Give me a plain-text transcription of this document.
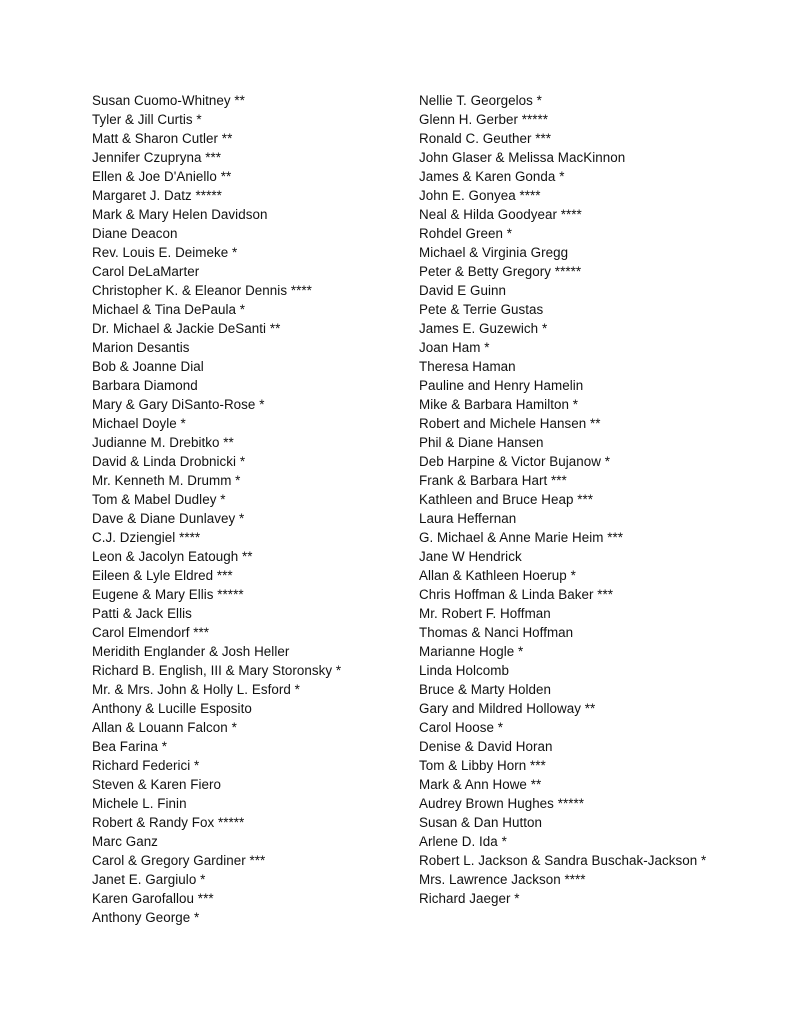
Susan Cuomo-Whitney **
Tyler & Jill Curtis *
Matt & Sharon Cutler **
Jennifer Czupryna ***
Ellen & Joe D'Aniello **
Margaret J. Datz *****
Mark & Mary Helen Davidson
Diane Deacon
Rev. Louis E. Deimeke *
Carol DeLaMarter
Christopher K. & Eleanor Dennis ****
Michael & Tina DePaula *
Dr. Michael & Jackie DeSanti **
Marion Desantis
Bob & Joanne Dial
Barbara Diamond
Mary & Gary DiSanto-Rose *
Michael Doyle *
Judianne M. Drebitko **
David & Linda Drobnicki *
Mr. Kenneth M. Drumm *
Tom & Mabel Dudley *
Dave & Diane Dunlavey *
C.J. Dziengiel ****
Leon & Jacolyn Eatough **
Eileen & Lyle Eldred ***
Eugene & Mary Ellis *****
Patti & Jack Ellis
Carol Elmendorf ***
Meridith Englander & Josh Heller
Richard B. English, III & Mary Storonsky *
Mr. & Mrs. John & Holly L. Esford *
Anthony & Lucille Esposito
Allan & Louann Falcon *
Bea Farina *
Richard Federici *
Steven & Karen Fiero
Michele L. Finin
Robert & Randy Fox *****
Marc Ganz
Carol & Gregory Gardiner ***
Janet E. Gargiulo *
Karen Garofallou ***
Anthony George *
Nellie T. Georgelos *
Glenn H. Gerber *****
Ronald C. Geuther ***
John Glaser & Melissa MacKinnon
James & Karen Gonda *
John E. Gonyea ****
Neal & Hilda Goodyear ****
Rohdel Green *
Michael & Virginia Gregg
Peter & Betty Gregory *****
David E Guinn
Pete & Terrie Gustas
James E. Guzewich *
Joan Ham *
Theresa Haman
Pauline and Henry Hamelin
Mike & Barbara Hamilton *
Robert and Michele Hansen **
Phil & Diane Hansen
Deb Harpine & Victor Bujanow *
Frank & Barbara Hart ***
Kathleen and Bruce Heap ***
Laura Heffernan
G. Michael & Anne Marie Heim ***
Jane W Hendrick
Allan & Kathleen Hoerup *
Chris Hoffman & Linda Baker ***
Mr. Robert F. Hoffman
Thomas & Nanci Hoffman
Marianne Hogle *
Linda Holcomb
Bruce & Marty Holden
Gary and Mildred Holloway **
Carol Hoose *
Denise & David Horan
Tom & Libby Horn ***
Mark & Ann Howe **
Audrey Brown Hughes *****
Susan & Dan Hutton
Arlene D. Ida *
Robert L. Jackson & Sandra Buschak-Jackson *
Mrs. Lawrence Jackson ****
Richard Jaeger *
